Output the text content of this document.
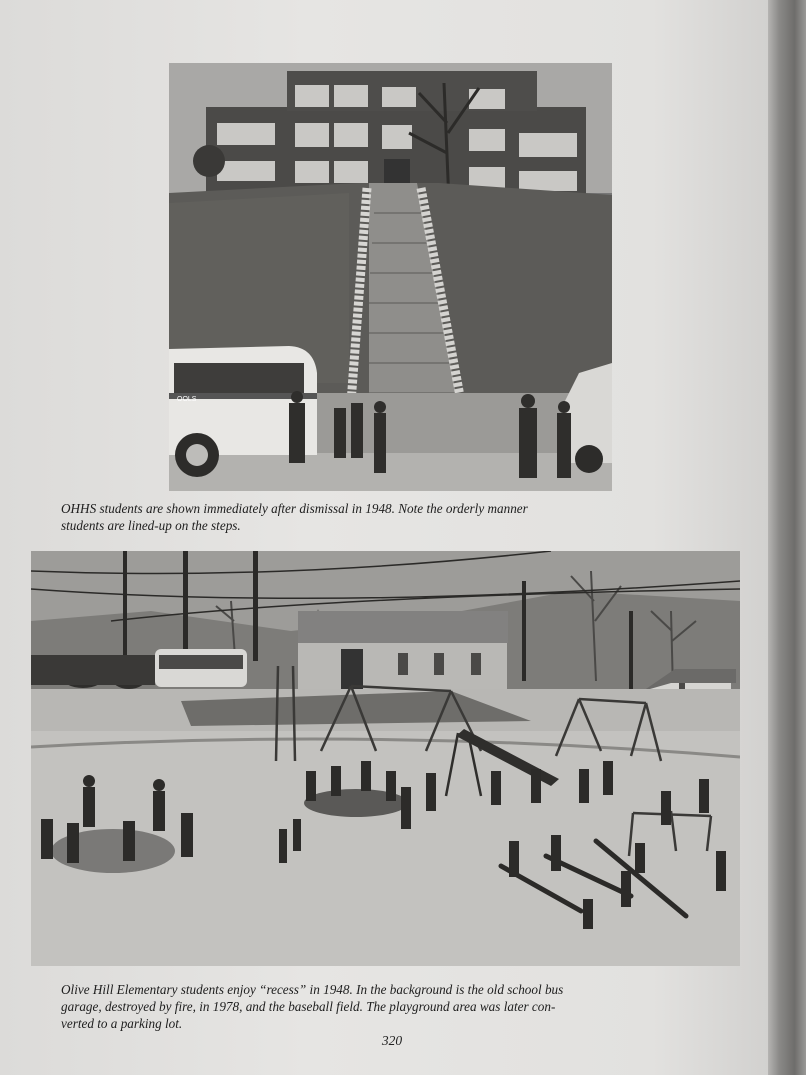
OOLS

OHHS students are shown immediately after dismissal in 1948. Note the orderly manner
students are lined-up on the steps.

Olive Hill Elementary students enjoy “recess” in 1948. In the background is the old school bus
garage, destroyed by fire, in 1978, and the baseball field. The playground area was later con-
verted to a parking lot.

320
